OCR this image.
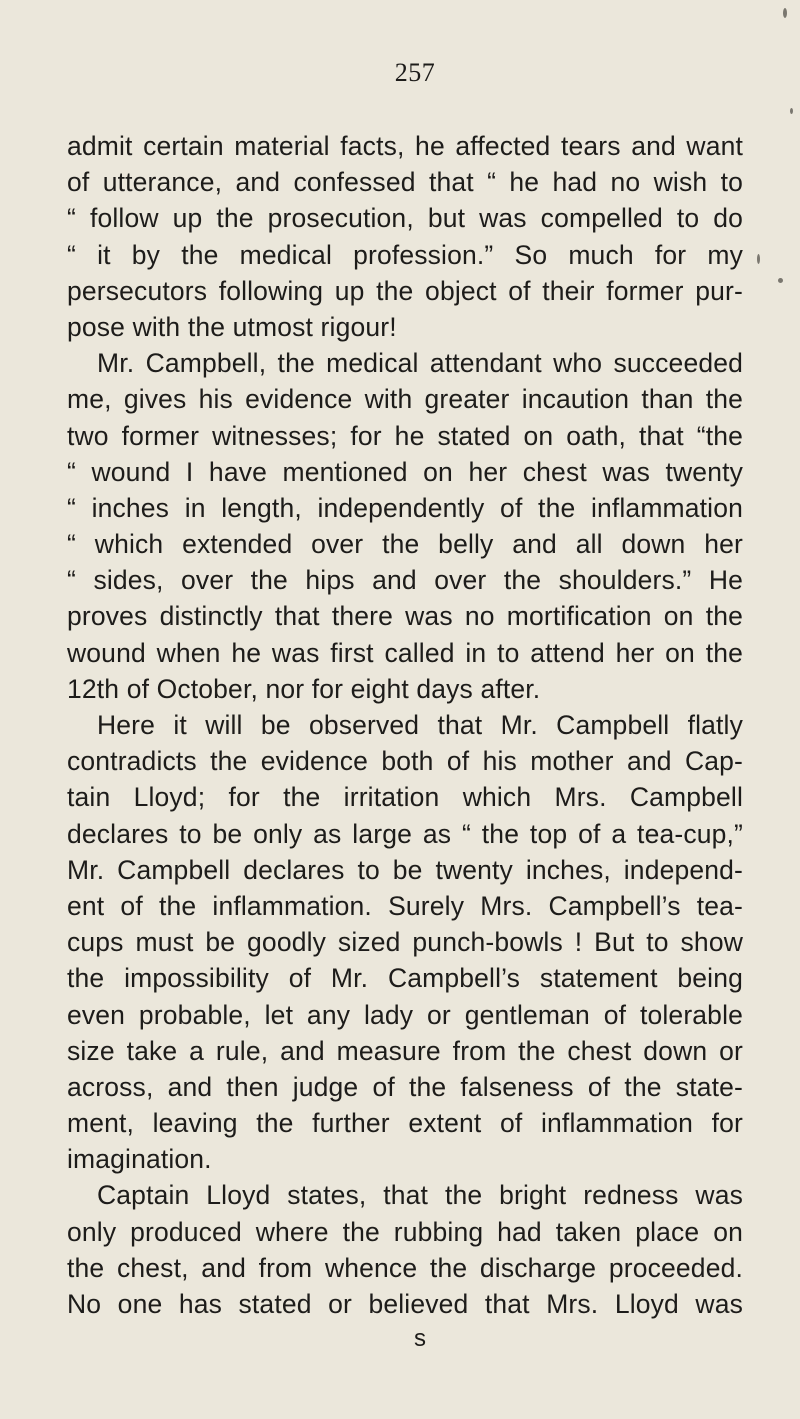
257
admit certain material facts, he affected tears and want
of utterance, and confessed that “ he had no wish to
“ follow up the prosecution, but was compelled to do
“ it by the medical profession.” So much for my
persecutors following up the object of their former pur-
pose with the utmost rigour!
Mr. Campbell, the medical attendant who succeeded
me, gives his evidence with greater incaution than the
two former witnesses; for he stated on oath, that “the
“ wound I have mentioned on her chest was twenty
“ inches in length, independently of the inflammation
“ which extended over the belly and all down her
“ sides, over the hips and over the shoulders.” He
proves distinctly that there was no mortification on the
wound when he was first called in to attend her on the
12th of October, nor for eight days after.
Here it will be observed that Mr. Campbell flatly
contradicts the evidence both of his mother and Cap-
tain Lloyd; for the irritation which Mrs. Campbell
declares to be only as large as “ the top of a tea-cup,”
Mr. Campbell declares to be twenty inches, independ-
ent of the inflammation. Surely Mrs. Campbell’s tea-
cups must be goodly sized punch-bowls ! But to show
the impossibility of Mr. Campbell’s statement being
even probable, let any lady or gentleman of tolerable
size take a rule, and measure from the chest down or
across, and then judge of the falseness of the state-
ment, leaving the further extent of inflammation for
imagination.
Captain Lloyd states, that the bright redness was
only produced where the rubbing had taken place on
the chest, and from whence the discharge proceeded.
No one has stated or believed that Mrs. Lloyd was
s
